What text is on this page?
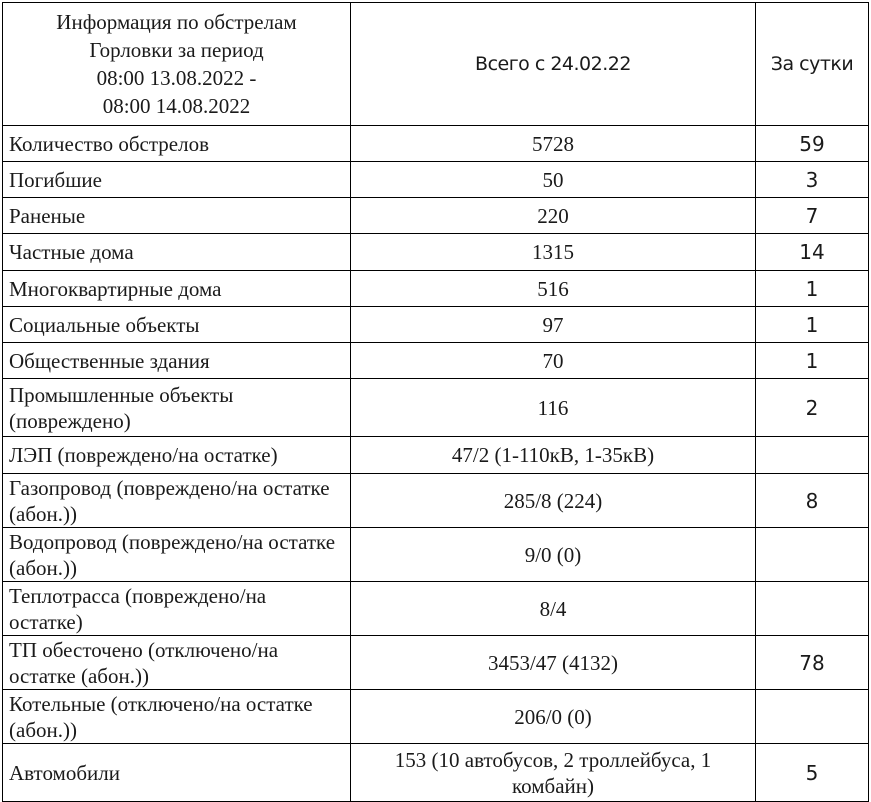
Информация по обстрелам
Горловки за период
08:00 13.08.2022 -
08:00 14.08.2022	Всего с 24.02.22	За сутки
Количество обстрелов	5728	59
Погибшие	50	3
Раненые	220	7
Частные дома	1315	14
Многоквартирные дома	516	1
Социальные объекты	97	1
Общественные здания	70	1
Промышленные объекты (повреждено)	116	2
ЛЭП (повреждено/на остатке)	47/2 (1-110кВ, 1-35кВ)	
Газопровод (повреждено/на остатке (абон.))	285/8 (224)	8
Водопровод (повреждено/на остатке (абон.))	9/0 (0)	
Теплотрасса (повреждено/на остатке)	8/4	
ТП обесточено (отключено/на остатке (абон.))	3453/47 (4132)	78
Котельные (отключено/на остатке (абон.))	206/0 (0)	
Автомобили	153 (10 автобусов, 2 троллейбуса, 1 комбайн)	5
